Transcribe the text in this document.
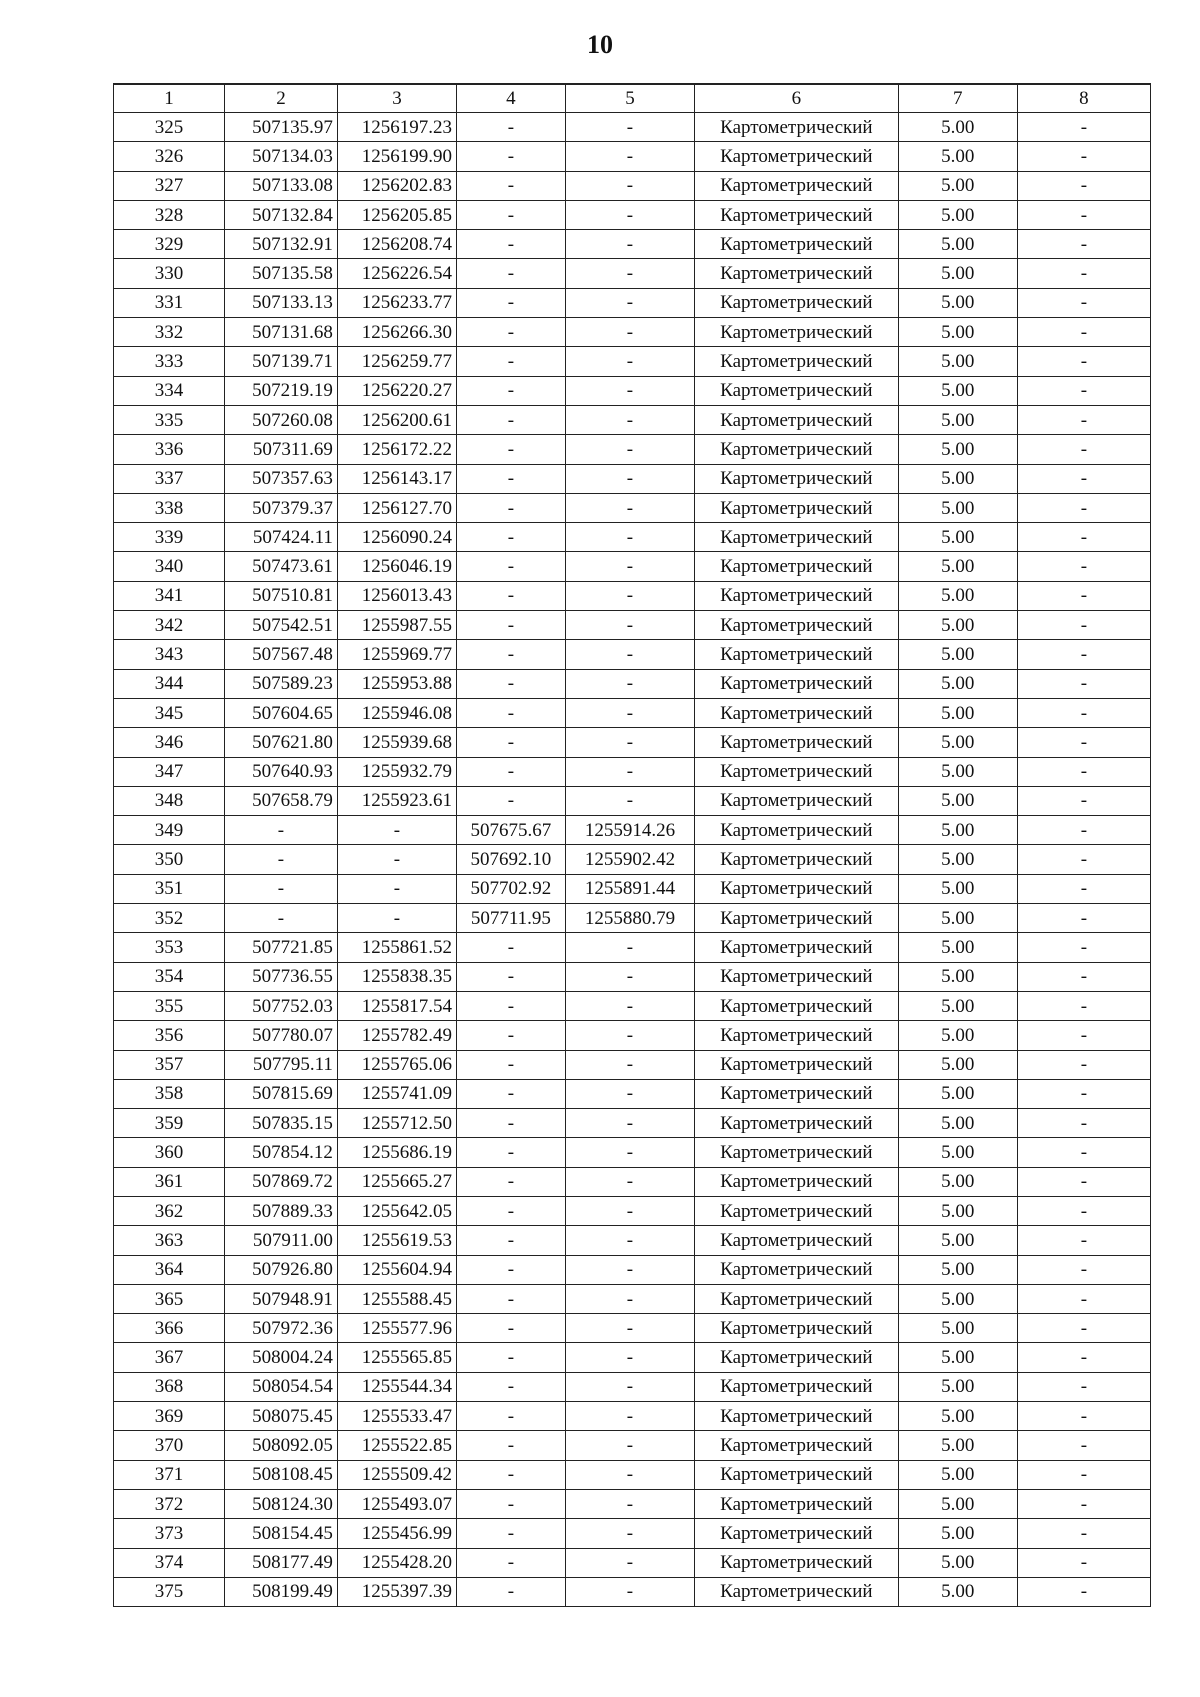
10
1	2	3	4	5	6	7	8
325	507135.97	1256197.23	-	-	Картометрический	5.00	-
326	507134.03	1256199.90	-	-	Картометрический	5.00	-
327	507133.08	1256202.83	-	-	Картометрический	5.00	-
328	507132.84	1256205.85	-	-	Картометрический	5.00	-
329	507132.91	1256208.74	-	-	Картометрический	5.00	-
330	507135.58	1256226.54	-	-	Картометрический	5.00	-
331	507133.13	1256233.77	-	-	Картометрический	5.00	-
332	507131.68	1256266.30	-	-	Картометрический	5.00	-
333	507139.71	1256259.77	-	-	Картометрический	5.00	-
334	507219.19	1256220.27	-	-	Картометрический	5.00	-
335	507260.08	1256200.61	-	-	Картометрический	5.00	-
336	507311.69	1256172.22	-	-	Картометрический	5.00	-
337	507357.63	1256143.17	-	-	Картометрический	5.00	-
338	507379.37	1256127.70	-	-	Картометрический	5.00	-
339	507424.11	1256090.24	-	-	Картометрический	5.00	-
340	507473.61	1256046.19	-	-	Картометрический	5.00	-
341	507510.81	1256013.43	-	-	Картометрический	5.00	-
342	507542.51	1255987.55	-	-	Картометрический	5.00	-
343	507567.48	1255969.77	-	-	Картометрический	5.00	-
344	507589.23	1255953.88	-	-	Картометрический	5.00	-
345	507604.65	1255946.08	-	-	Картометрический	5.00	-
346	507621.80	1255939.68	-	-	Картометрический	5.00	-
347	507640.93	1255932.79	-	-	Картометрический	5.00	-
348	507658.79	1255923.61	-	-	Картометрический	5.00	-
349	-	-	507675.67	1255914.26	Картометрический	5.00	-
350	-	-	507692.10	1255902.42	Картометрический	5.00	-
351	-	-	507702.92	1255891.44	Картометрический	5.00	-
352	-	-	507711.95	1255880.79	Картометрический	5.00	-
353	507721.85	1255861.52	-	-	Картометрический	5.00	-
354	507736.55	1255838.35	-	-	Картометрический	5.00	-
355	507752.03	1255817.54	-	-	Картометрический	5.00	-
356	507780.07	1255782.49	-	-	Картометрический	5.00	-
357	507795.11	1255765.06	-	-	Картометрический	5.00	-
358	507815.69	1255741.09	-	-	Картометрический	5.00	-
359	507835.15	1255712.50	-	-	Картометрический	5.00	-
360	507854.12	1255686.19	-	-	Картометрический	5.00	-
361	507869.72	1255665.27	-	-	Картометрический	5.00	-
362	507889.33	1255642.05	-	-	Картометрический	5.00	-
363	507911.00	1255619.53	-	-	Картометрический	5.00	-
364	507926.80	1255604.94	-	-	Картометрический	5.00	-
365	507948.91	1255588.45	-	-	Картометрический	5.00	-
366	507972.36	1255577.96	-	-	Картометрический	5.00	-
367	508004.24	1255565.85	-	-	Картометрический	5.00	-
368	508054.54	1255544.34	-	-	Картометрический	5.00	-
369	508075.45	1255533.47	-	-	Картометрический	5.00	-
370	508092.05	1255522.85	-	-	Картометрический	5.00	-
371	508108.45	1255509.42	-	-	Картометрический	5.00	-
372	508124.30	1255493.07	-	-	Картометрический	5.00	-
373	508154.45	1255456.99	-	-	Картометрический	5.00	-
374	508177.49	1255428.20	-	-	Картометрический	5.00	-
375	508199.49	1255397.39	-	-	Картометрический	5.00	-
